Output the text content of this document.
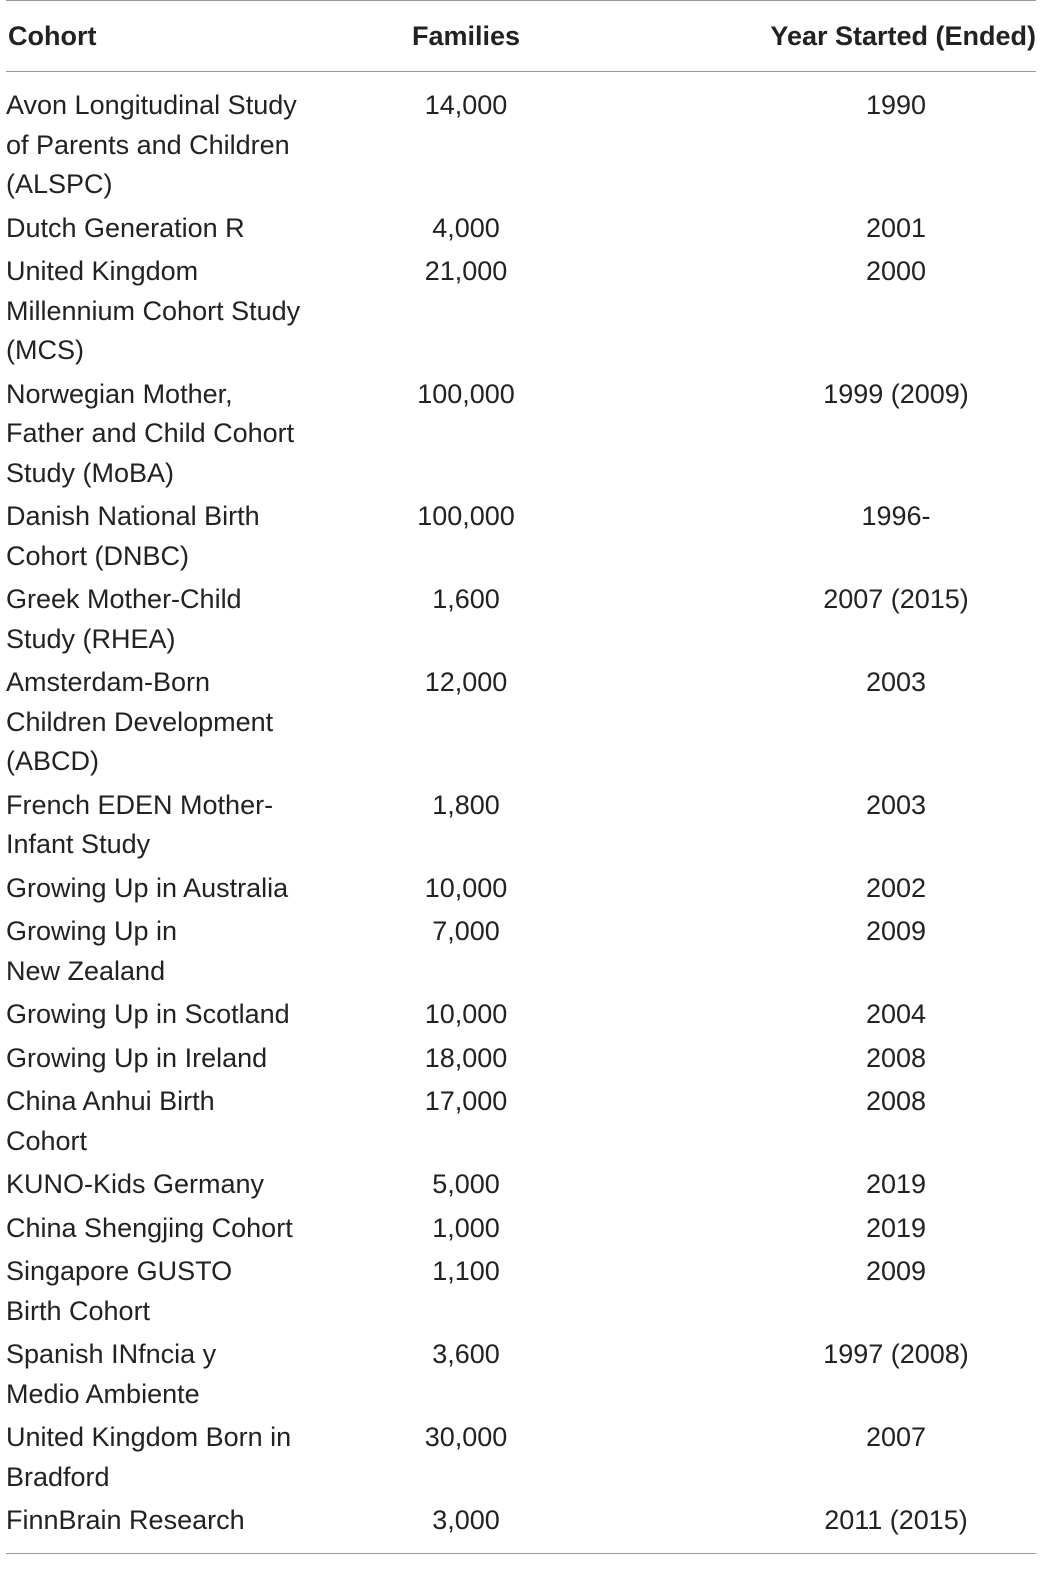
Cohort	Families	Year Started (Ended)

Avon Longitudinal Study of Parents and Children (ALSPC)	14,000	1990

Dutch Generation R	4,000	2001

United Kingdom Millennium Cohort Study (MCS)	21,000	2000

Norwegian Mother, Father and Child Cohort Study (MoBA)	100,000	1999 (2009)

Danish National Birth Cohort (DNBC)	100,000	1996-

Greek Mother-Child Study (RHEA)	1,600	2007 (2015)

Amsterdam-Born Children Development (ABCD)	12,000	2003

French EDEN Mother-Infant Study	1,800	2003

Growing Up in Australia	10,000	2002

Growing Up in New Zealand	7,000	2009

Growing Up in Scotland	10,000	2004

Growing Up in Ireland	18,000	2008

China Anhui Birth Cohort	17,000	2008

KUNO-Kids Germany	5,000	2019

China Shengjing Cohort	1,000	2019

Singapore GUSTO Birth Cohort	1,100	2009

Spanish INfncia y Medio Ambiente	3,600	1997 (2008)

United Kingdom Born in Bradford	30,000	2007

FinnBrain Research	3,000	2011 (2015)
